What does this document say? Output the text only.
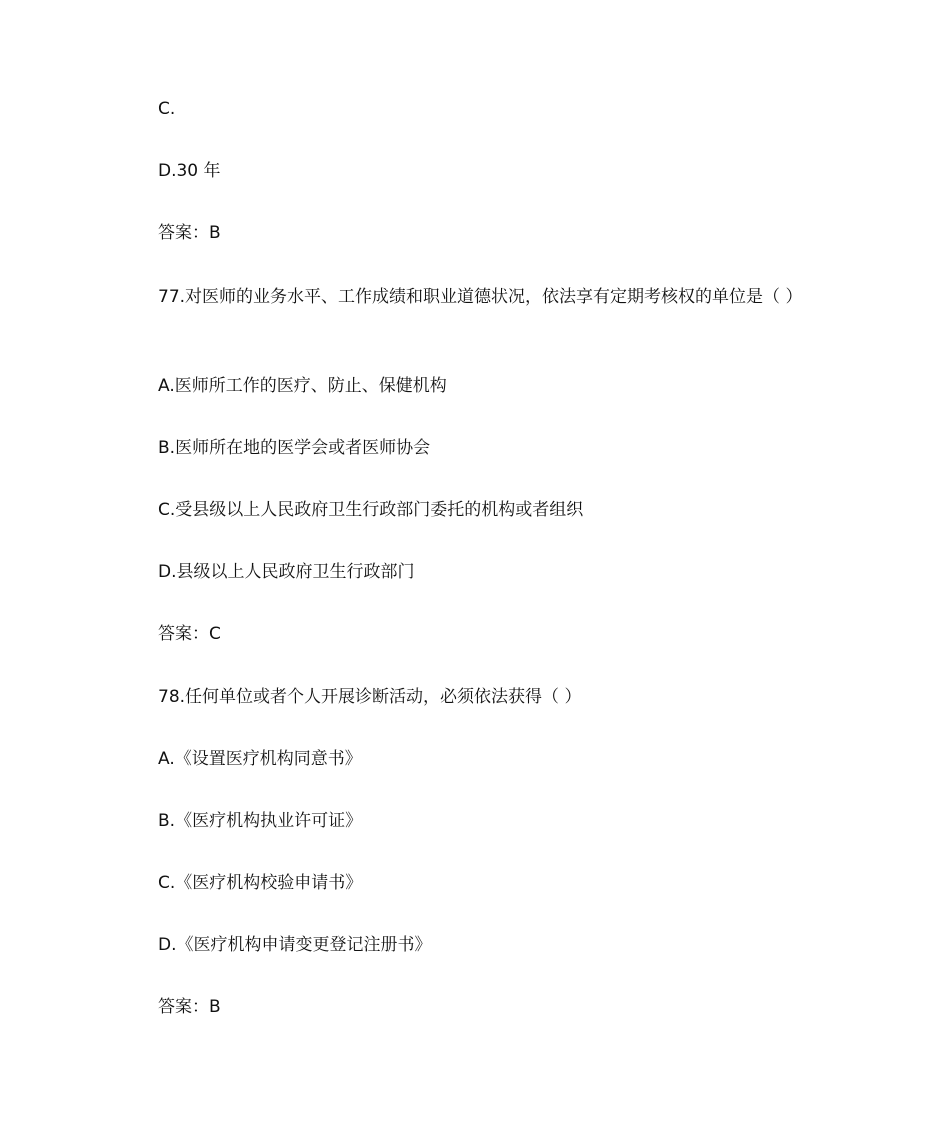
C.
D.30 年
答案：B
77.对医师的业务水平、工作成绩和职业道德状况，依法享有定期考核权的单位是（ ）
A.医师所工作的医疗、防止、保健机构
B.医师所在地的医学会或者医师协会
C.受县级以上人民政府卫生行政部门委托的机构或者组织
D.县级以上人民政府卫生行政部门
答案：C
78.任何单位或者个人开展诊断活动，必须依法获得（ ）
A.《设置医疗机构同意书》
B.《医疗机构执业许可证》
C.《医疗机构校验申请书》
D.《医疗机构申请变更登记注册书》
答案：B
